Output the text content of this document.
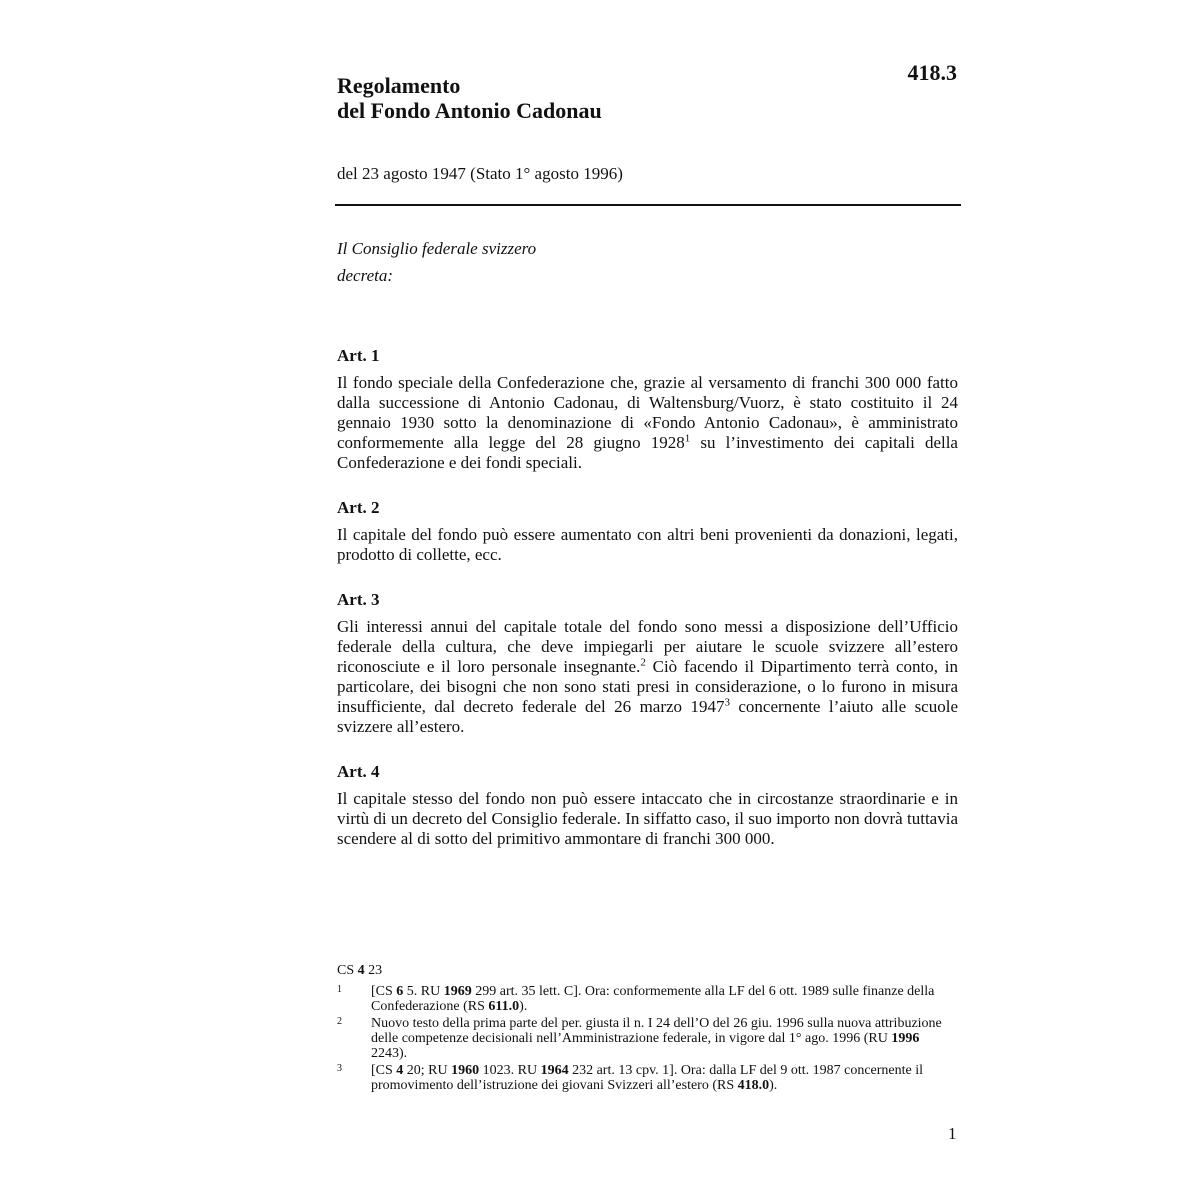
418.3
Regolamento
del Fondo Antonio Cadonau
del 23 agosto 1947 (Stato 1° agosto 1996)
Il Consiglio federale svizzero
decreta:
Art. 1

Il fondo speciale della Confederazione che, grazie al versamento di franchi 300 000 fatto dalla successione di Antonio Cadonau, di Waltensburg/Vuorz, è stato costituito il 24 gennaio 1930 sotto la denominazione di «Fondo Antonio Cadonau», è amministrato conformemente alla legge del 28 giugno 1928$^1$ su l’investimento dei capitali della Confederazione e dei fondi speciali.

Art. 2

Il capitale del fondo può essere aumentato con altri beni provenienti da donazioni, legati, prodotto di collette, ecc.

Art. 3

Gli interessi annui del capitale totale del fondo sono messi a disposizione dell’Ufficio federale della cultura, che deve impiegarli per aiutare le scuole svizzere all’estero riconosciute e il loro personale insegnante.$^2$ Ciò facendo il Dipartimento terrà conto, in particolare, dei bisogni che non sono stati presi in considerazione, o lo furono in misura insufficiente, dal decreto federale del 26 marzo 1947$^3$ concernente l’aiuto alle scuole svizzere all’estero.

Art. 4

Il capitale stesso del fondo non può essere intaccato che in circostanze straordinarie e in virtù di un decreto del Consiglio federale. In siffatto caso, il suo importo non dovrà tuttavia scendere al di sotto del primitivo ammontare di franchi 300 000.

CS 4 23
1	[CS 6 5. RU 1969 299 art. 35 lett. C]. Ora: conformemente alla LF del 6 ott. 1989 sulle finanze della Confederazione (RS 611.0).
2	Nuovo testo della prima parte del per. giusta il n. I 24 dell’O del 26 giu. 1996 sulla nuova attribuzione delle competenze decisionali nell’Amministrazione federale, in vigore dal 1° ago. 1996 (RU 1996 2243).
3	[CS 4 20; RU 1960 1023. RU 1964 232 art. 13 cpv. 1]. Ora: dalla LF del 9 ott. 1987 concernente il promovimento dell’istruzione dei giovani Svizzeri all’estero (RS 418.0).
1
